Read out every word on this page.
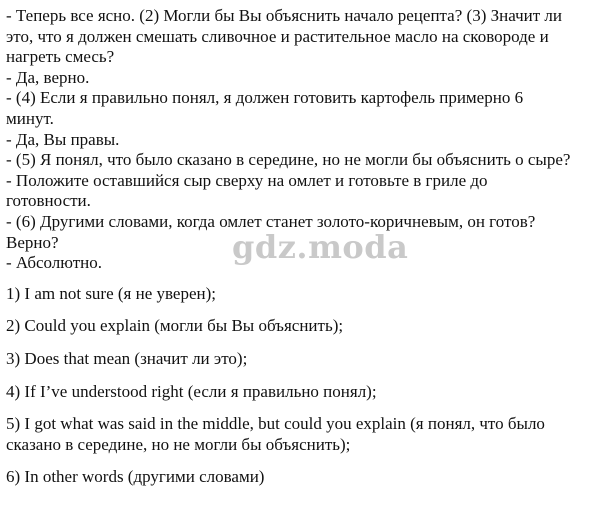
- Теперь все ясно. (2) Могли бы Вы объяснить начало рецепта? (3) Значит ли

это, что я должен смешать сливочное и растительное масло на сковороде и

нагреть смесь?

- Да, верно.

- (4) Если я правильно понял, я должен готовить картофель примерно 6

минут.

- Да, Вы правы.

- (5) Я понял, что было сказано в середине, но не могли бы объяснить о сыре?

- Положите оставшийся сыр сверху на омлет и готовьте в гриле до

готовности.

- (6) Другими словами, когда омлет станет золото-коричневым, он готов?

Верно?

- Абсолютно.

1) I am not sure (я не уверен);

2) Could you explain (могли бы Вы объяснить);

3) Does that mean (значит ли это);

4) If I’ve understood right (если я правильно понял);

5) I got what was said in the middle, but could you explain (я понял, что было

сказано в середине, но не могли бы объяснить);

6) In other words (другими словами)

gdz.moda
